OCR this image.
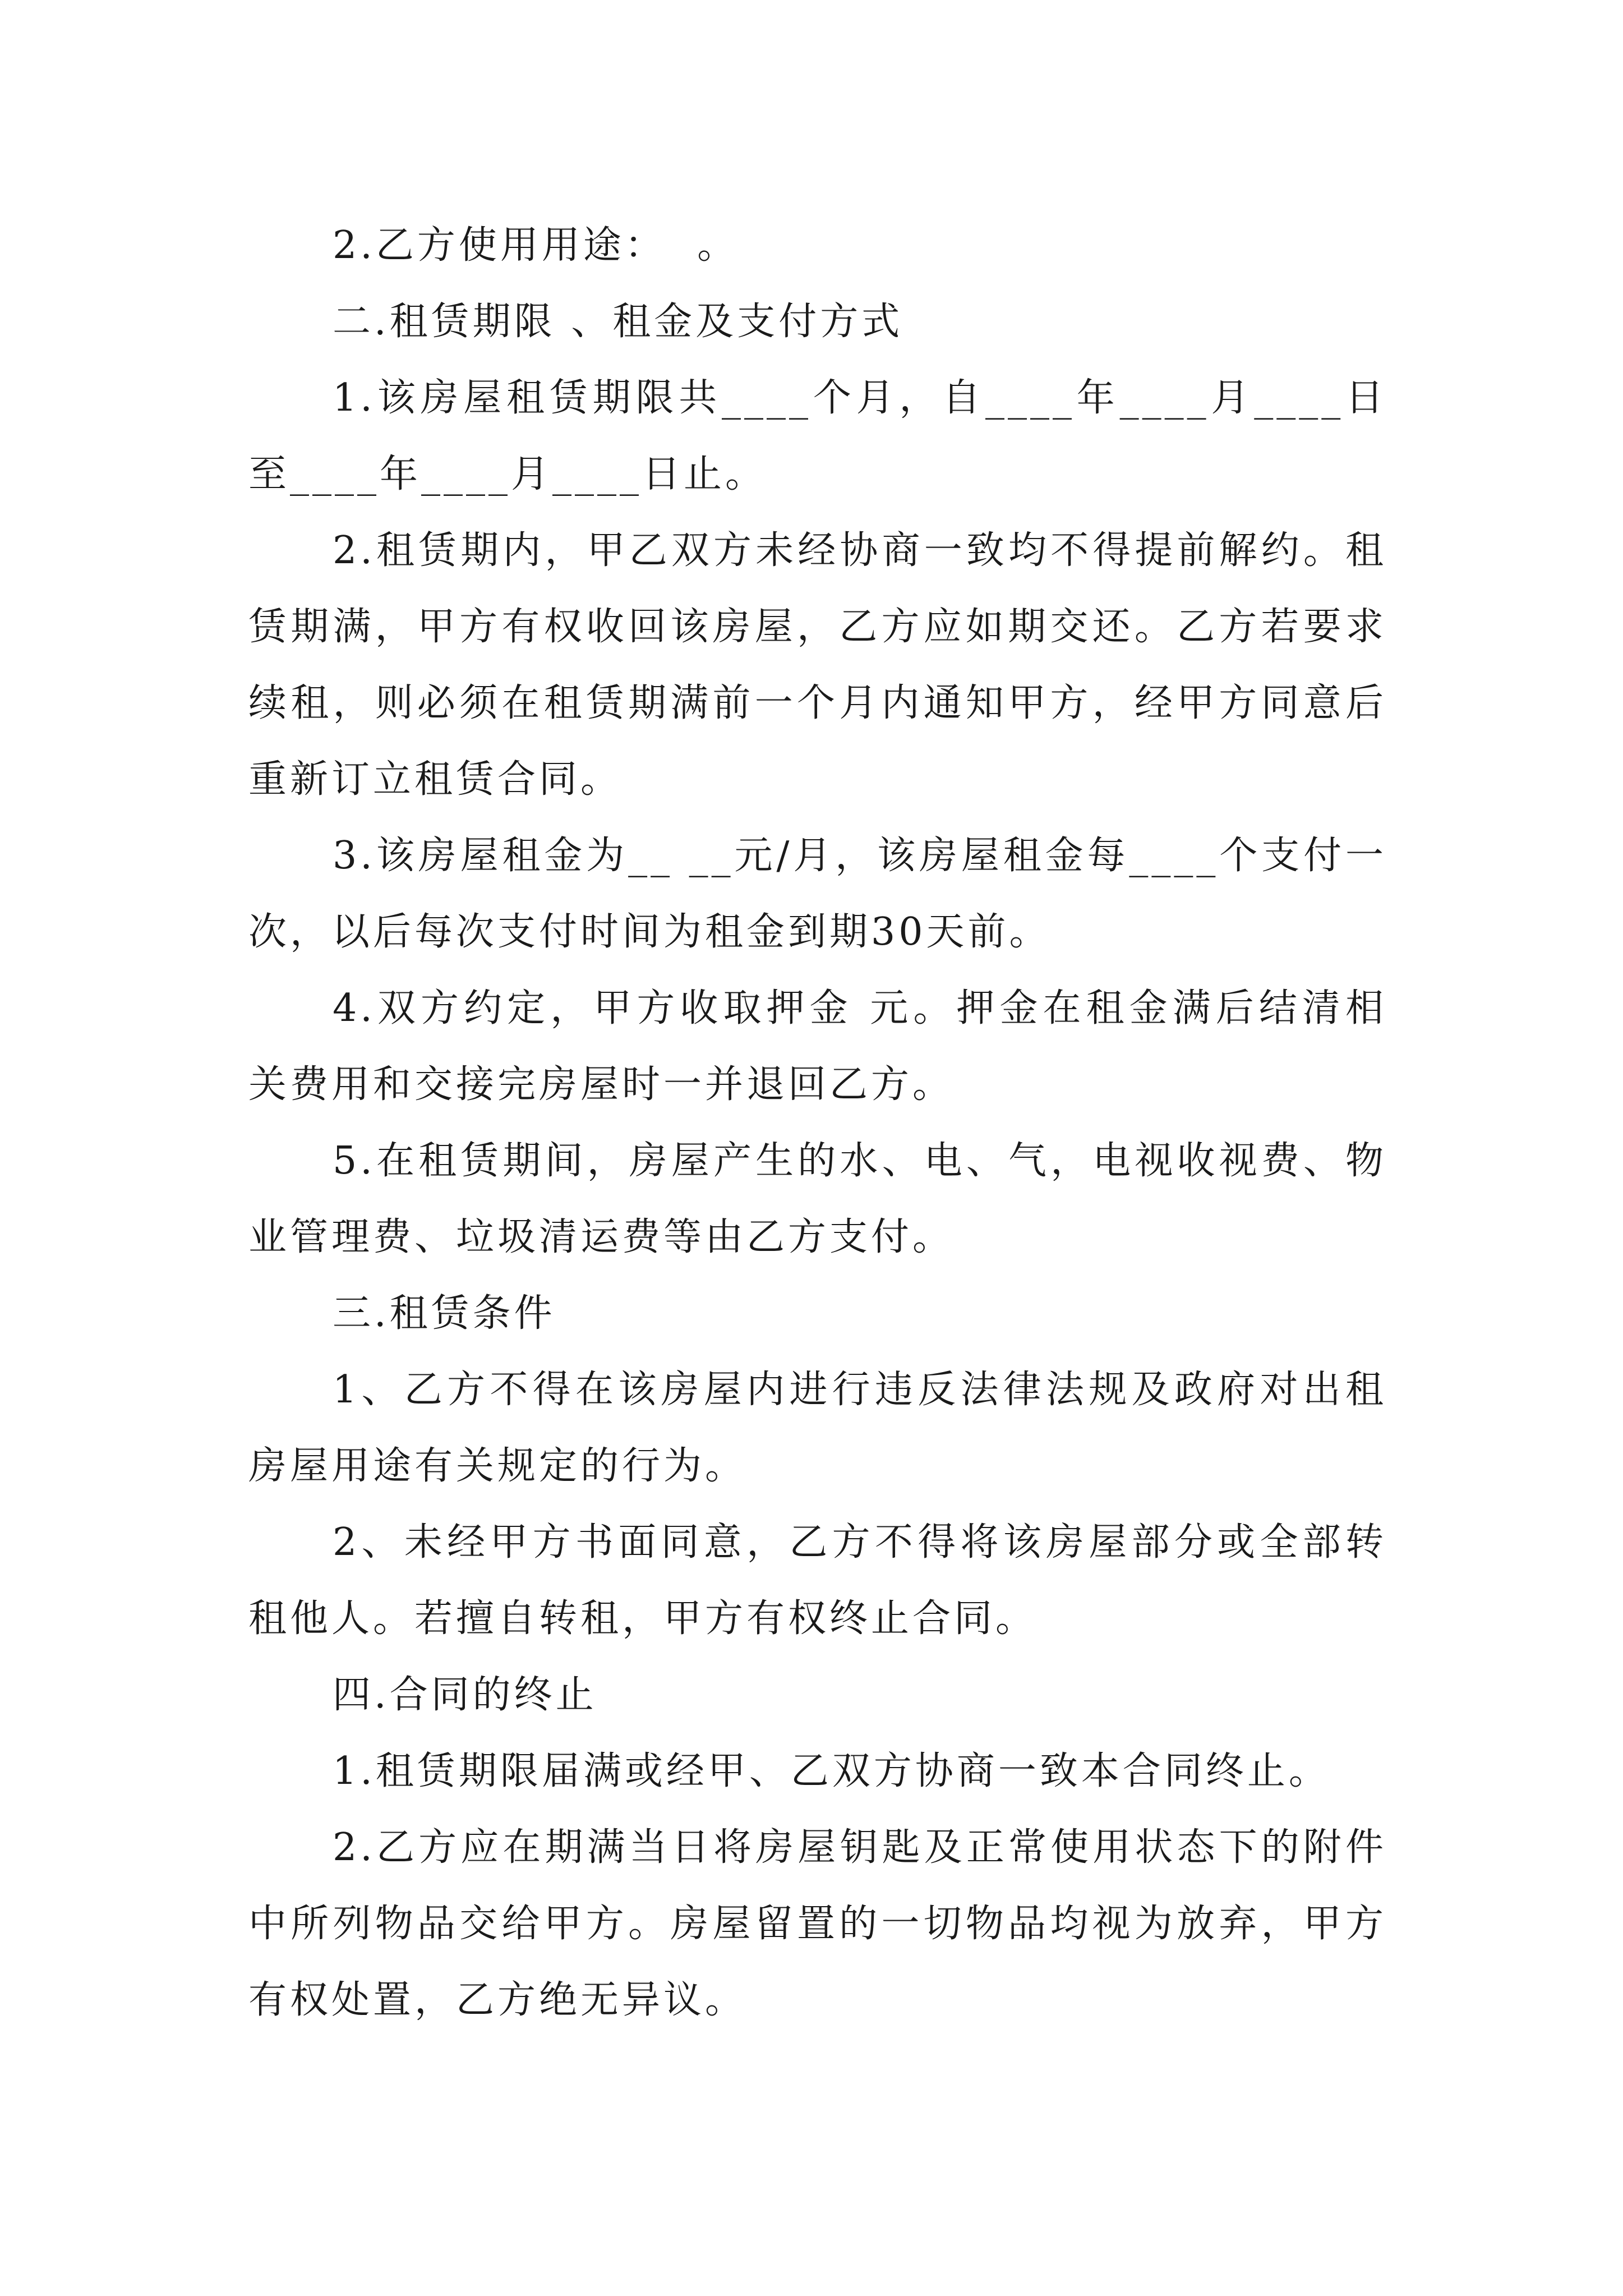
2.乙方使用用途：  。

二.租赁期限 、租金及支付方式

1.该房屋租赁期限共____个月，自____年____月____日至____年____月____日止。

2.租赁期内，甲乙双方未经协商一致均不得提前解约。租赁期满，甲方有权收回该房屋，乙方应如期交还。乙方若要求续租，则必须在租赁期满前一个月内通知甲方，经甲方同意后重新订立租赁合同。

3.该房屋租金为__ __元/月，该房屋租金每____个支付一次，以后每次支付时间为租金到期30天前。

4.双方约定，甲方收取押金 元。押金在租金满后结清相关费用和交接完房屋时一并退回乙方。

5.在租赁期间，房屋产生的水、电、气，电视收视费、物业管理费、垃圾清运费等由乙方支付。

三.租赁条件

1、乙方不得在该房屋内进行违反法律法规及政府对出租房屋用途有关规定的行为。

2、未经甲方书面同意，乙方不得将该房屋部分或全部转租他人。若擅自转租，甲方有权终止合同。

四.合同的终止

1.租赁期限届满或经甲、乙双方协商一致本合同终止。

2.乙方应在期满当日将房屋钥匙及正常使用状态下的附件中所列物品交给甲方。房屋留置的一切物品均视为放弃，甲方有权处置，乙方绝无异议。
